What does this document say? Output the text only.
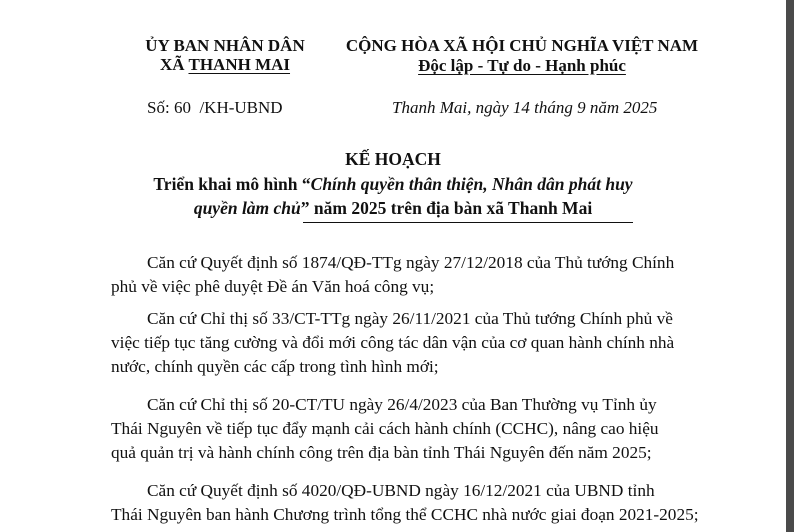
ỦY BAN NHÂN DÂN
XÃ THANH MAI
CỘNG HÒA XÃ HỘI CHỦ NGHĨA VIỆT NAM
Độc lập - Tự do - Hạnh phúc
Số: 60 /KH-UBND	Thanh Mai, ngày 14 tháng 9 năm 2025
KẾ HOẠCH
Triển khai mô hình “Chính quyền thân thiện, Nhân dân phát huy
quyền làm chủ” năm 2025 trên địa bàn xã Thanh Mai
Căn cứ Quyết định số 1874/QĐ-TTg ngày 27/12/2018 của Thủ tướng Chính
phủ về việc phê duyệt Đề án Văn hoá công vụ;
Căn cứ Chỉ thị số 33/CT-TTg ngày 26/11/2021 của Thủ tướng Chính phủ về
việc tiếp tục tăng cường và đổi mới công tác dân vận của cơ quan hành chính nhà
nước, chính quyền các cấp trong tình hình mới;
Căn cứ Chỉ thị số 20-CT/TU ngày 26/4/2023 của Ban Thường vụ Tỉnh ủy
Thái Nguyên về tiếp tục đẩy mạnh cải cách hành chính (CCHC), nâng cao hiệu
quả quản trị và hành chính công trên địa bàn tỉnh Thái Nguyên đến năm 2025;
Căn cứ Quyết định số 4020/QĐ-UBND ngày 16/12/2021 của UBND tỉnh
Thái Nguyên ban hành Chương trình tổng thể CCHC nhà nước giai đoạn 2021-2025;
